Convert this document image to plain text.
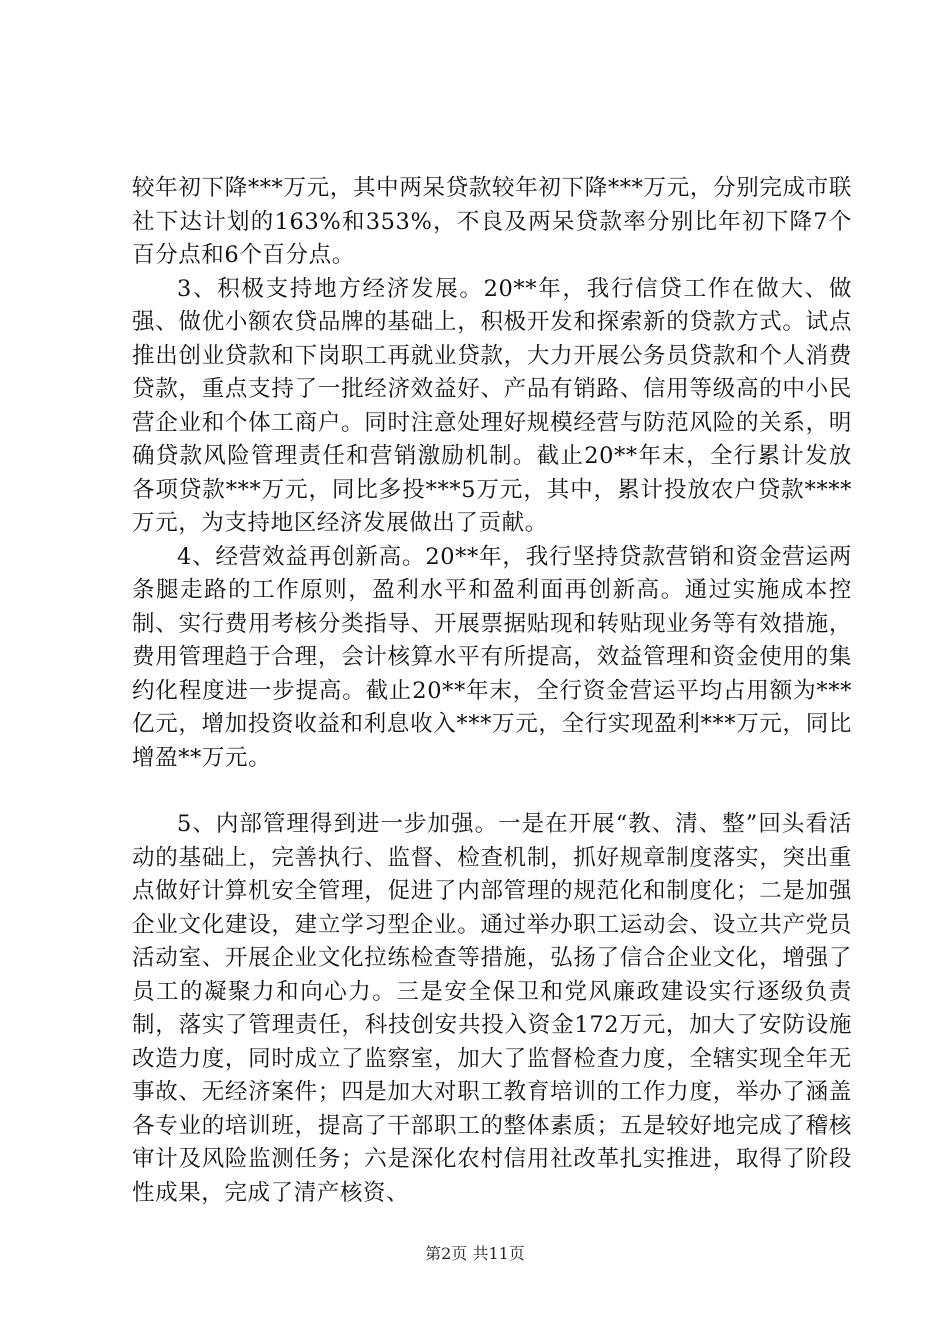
较年初下降***万元，其中两呆贷款较年初下降***万元，分别完成市联社下达计划的163%和353%，不良及两呆贷款率分别比年初下降7个百分点和6个百分点。

3、积极支持地方经济发展。20**年，我行信贷工作在做大、做强、做优小额农贷品牌的基础上，积极开发和探索新的贷款方式。试点推出创业贷款和下岗职工再就业贷款，大力开展公务员贷款和个人消费贷款，重点支持了一批经济效益好、产品有销路、信用等级高的中小民营企业和个体工商户。同时注意处理好规模经营与防范风险的关系，明确贷款风险管理责任和营销激励机制。截止20**年末，全行累计发放各项贷款***万元，同比多投***5万元，其中，累计投放农户贷款****万元，为支持地区经济发展做出了贡献。

4、经营效益再创新高。20**年，我行坚持贷款营销和资金营运两条腿走路的工作原则，盈利水平和盈利面再创新高。通过实施成本控制、实行费用考核分类指导、开展票据贴现和转贴现业务等有效措施，费用管理趋于合理，会计核算水平有所提高，效益管理和资金使用的集约化程度进一步提高。截止20**年末，全行资金营运平均占用额为***亿元，增加投资收益和利息收入***万元，全行实现盈利***万元，同比增盈**万元。

5、内部管理得到进一步加强。一是在开展“教、清、整”回头看活动的基础上，完善执行、监督、检查机制，抓好规章制度落实，突出重点做好计算机安全管理，促进了内部管理的规范化和制度化；二是加强企业文化建设，建立学习型企业。通过举办职工运动会、设立共产党员活动室、开展企业文化拉练检查等措施，弘扬了信合企业文化，增强了员工的凝聚力和向心力。三是安全保卫和党风廉政建设实行逐级负责制，落实了管理责任，科技创安共投入资金172万元，加大了安防设施改造力度，同时成立了监察室，加大了监督检查力度，全辖实现全年无事故、无经济案件；四是加大对职工教育培训的工作力度，举办了涵盖各专业的培训班，提高了干部职工的整体素质；五是较好地完成了稽核审计及风险监测任务；六是深化农村信用社改革扎实推进，取得了阶段性成果，完成了清产核资、

第2页 共11页
